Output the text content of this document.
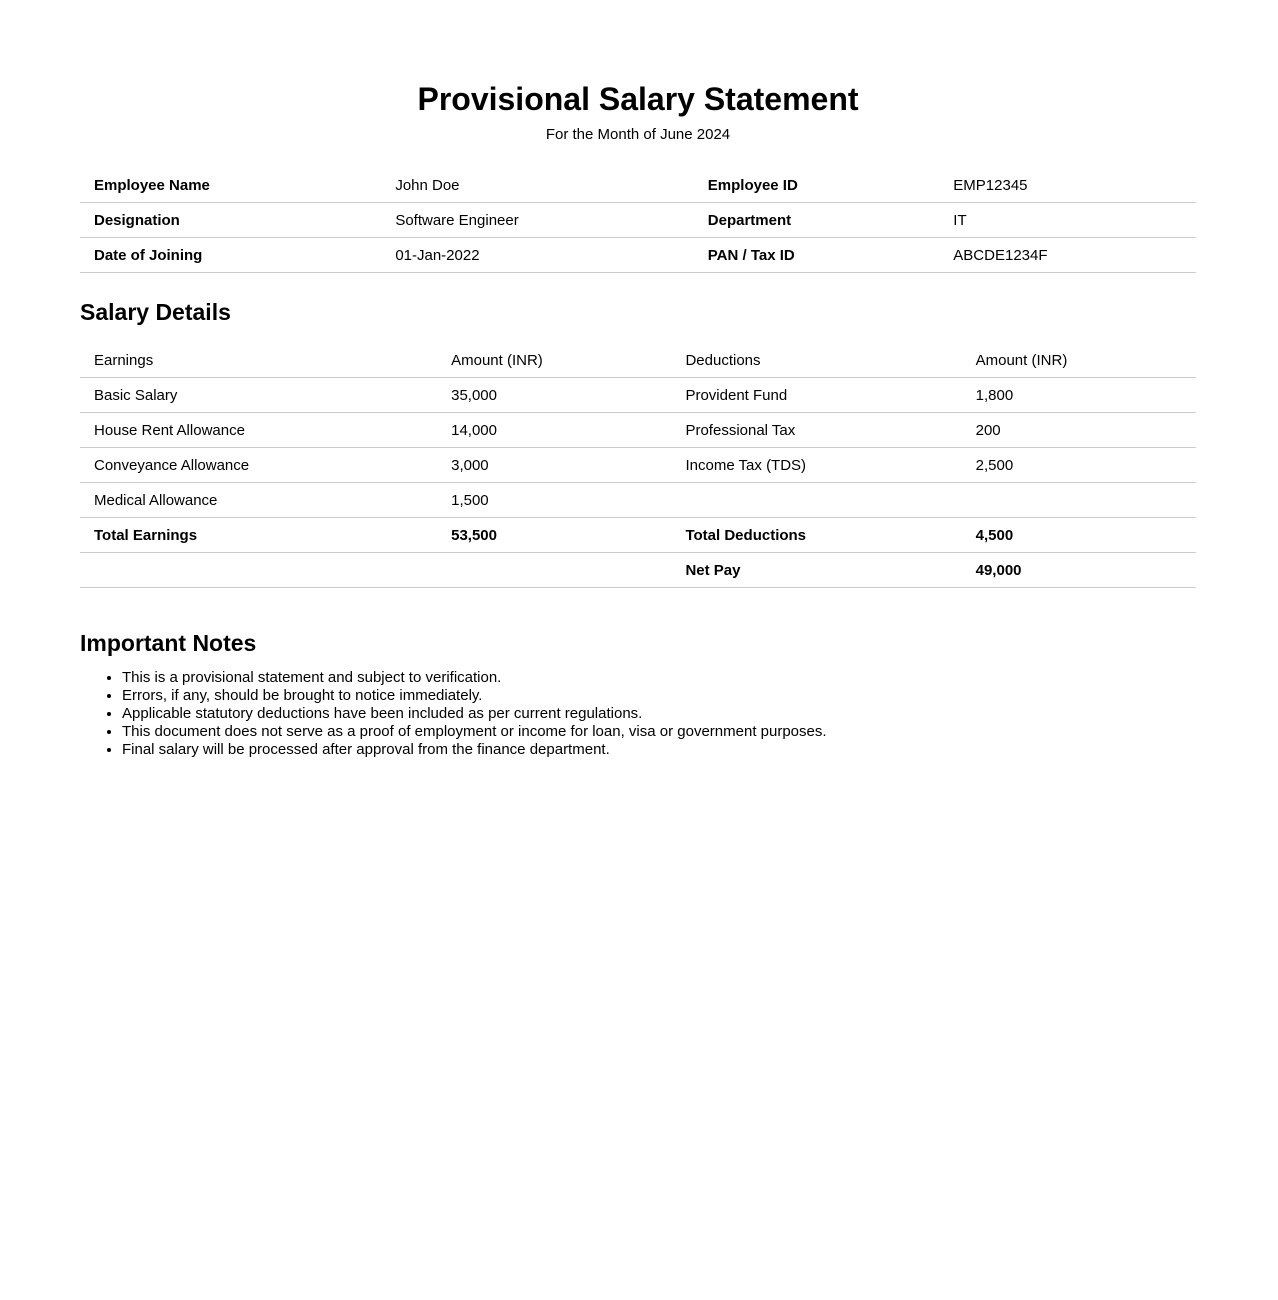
Provisional Salary Statement

For the Month of June 2024

Employee Name	John Doe	Employee ID	EMP12345
Designation	Software Engineer	Department	IT
Date of Joining	01-Jan-2022	PAN / Tax ID	ABCDE1234F
Salary Details
Earnings	Amount (INR)	Deductions	Amount (INR)
Basic Salary	35,000	Provident Fund	1,800
House Rent Allowance	14,000	Professional Tax	200
Conveyance Allowance	3,000	Income Tax (TDS)	2,500
Medical Allowance	1,500		
Total Earnings	53,500	Total Deductions	4,500
		Net Pay	49,000
Important Notes
• This is a provisional statement and subject to verification.
• Errors, if any, should be brought to notice immediately.
• Applicable statutory deductions have been included as per current regulations.
• This document does not serve as a proof of employment or income for loan, visa or government purposes.
• Final salary will be processed after approval from the finance department.
